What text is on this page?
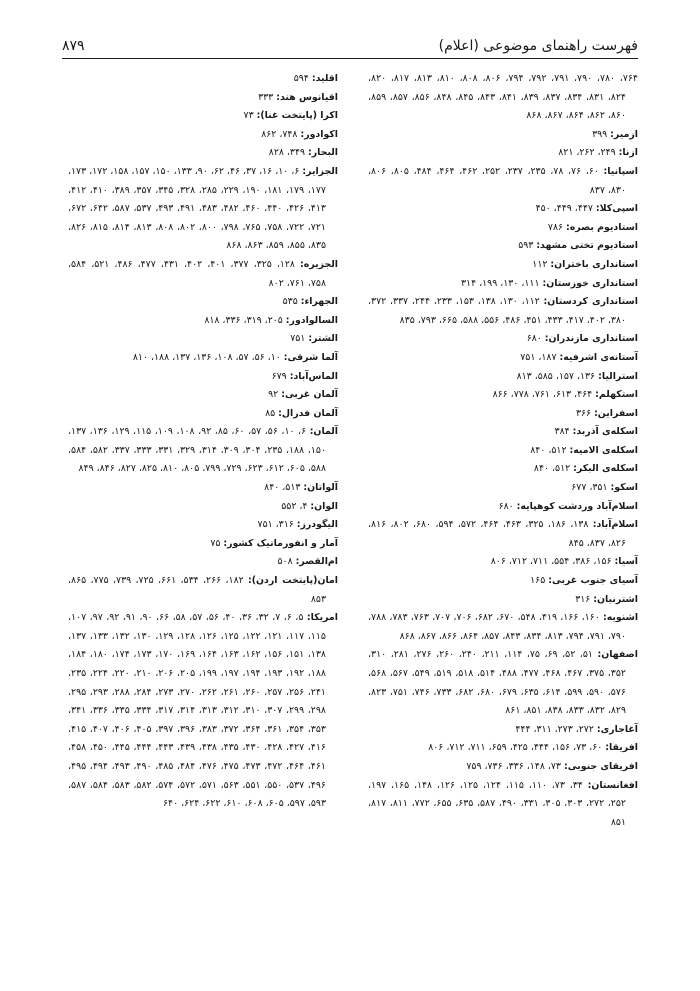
فهرست راهنمای موضوعی (اعلام)
۸۷۹
۷۶۴، ۷۸۰، ۷۹۰، ۷۹۱، ۷۹۲، ۷۹۴، ۸۰۶، ۸۰۸، ۸۱۰، ۸۱۳، ۸۱۷، ۸۲۰، ۸۲۴، ۸۳۱، ۸۳۴، ۸۳۷، ۸۳۹، ۸۴۱، ۸۴۳، ۸۴۵، ۸۴۸، ۸۵۶، ۸۵۷، ۸۵۹، ۸۶۰، ۸۶۲، ۸۶۴، ۸۶۷، ۸۶۸
ازمیر: ۳۹۹
ازنا: ۲۴۹، ۲۶۲، ۸۲۱
اسپانیا: ۶۰، ۷۶، ۷۸، ۲۳۵، ۲۳۷، ۲۵۲، ۴۶۲، ۴۶۴، ۴۸۴، ۸۰۵، ۸۰۶، ۸۳۰، ۸۳۷
اسپی‌کلا: ۴۴۷، ۴۴۹، ۴۵۰
استادیوم بصره: ۷۸۶
استادیوم تختی مشهد: ۵۹۳
استانداری باختران: ۱۱۲
استانداری خوزستان: ۱۱۱، ۱۳۰، ۱۹۹، ۳۱۴
استانداری کردستان: ۱۱۲، ۱۳۰، ۱۳۸، ۱۵۳، ۲۳۳، ۲۴۴، ۳۳۷، ۳۷۲، ۳۸۰، ۴۰۲، ۴۱۷، ۴۳۳، ۴۵۱، ۴۸۶، ۵۵۶، ۵۸۸، ۶۶۵، ۷۹۳، ۸۳۵
استانداری مازندران: ۶۸۰
آستانه‌ی اشرفیه: ۱۸۷، ۷۵۱
استرالیا: ۱۳۶، ۱۵۷، ۵۸۵، ۸۱۳
استکهلم: ۴۶۴، ۶۱۳، ۷۶۱، ۷۷۸، ۸۶۶
اسفراین: ۳۶۶
اسکله‌ی آذربد: ۳۸۴
اسکله‌ی الامیه: ۵۱۲، ۸۴۰
اسکله‌ی البکر: ۵۱۲، ۸۴۰
اسکو: ۳۵۱، ۶۷۷
اسلام‌آباد وردشت کوهپایه: ۶۸۰
اسلام‌آباد: ۱۳۸، ۱۸۶، ۳۲۵، ۴۶۳، ۴۶۴، ۵۷۲، ۵۹۴، ۶۸۰، ۸۰۲، ۸۱۶، ۸۲۶، ۸۳۷، ۸۴۵
آسیا: ۱۵۶، ۳۸۶، ۵۵۴، ۷۱۱، ۷۱۲، ۸۰۶
آسیای جنوب غربی: ۱۶۵
اشترنیان: ۳۱۶
اشنویه: ۱۶۰، ۱۶۶، ۴۱۹، ۵۴۸، ۶۷۰، ۶۸۲، ۷۰۶، ۷۰۷، ۷۶۳، ۷۸۳، ۷۸۸، ۷۹۰، ۷۹۱، ۷۹۴، ۸۱۳، ۸۳۴، ۸۴۳، ۸۵۷، ۸۶۴، ۸۶۶، ۸۶۷، ۸۶۸
اصفهان: ۵۱، ۵۲، ۶۹، ۷۵، ۱۱۴، ۲۱۱، ۲۴۰، ۲۶۰، ۲۷۶، ۲۸۱، ۳۱۰، ۳۵۲، ۳۷۵، ۴۶۷، ۴۶۸، ۴۷۷، ۴۸۸، ۵۱۴، ۵۱۸، ۵۱۹، ۵۴۹، ۵۶۷، ۵۶۸، ۵۷۶، ۵۹۰، ۵۹۹، ۶۱۴، ۶۳۵، ۶۷۹، ۶۸۰، ۶۸۲، ۷۳۳، ۷۴۶، ۷۵۱، ۸۲۳، ۸۲۹، ۸۳۲، ۸۳۳، ۸۳۸، ۸۵۱، ۸۶۱
آغاجاری: ۲۷۲، ۲۷۳، ۳۱۱، ۴۴۴
افریقا: ۶۰، ۷۳، ۱۵۶، ۴۴۴، ۴۲۵، ۶۵۹، ۷۱۱، ۷۱۲، ۸۰۶
افریقای جنوبی: ۷۳، ۱۴۸، ۳۳۶، ۷۳۶، ۷۵۹
افغانستان: ۳۴، ۷۳، ۱۱۰، ۱۱۵، ۱۲۴، ۱۲۵، ۱۲۶، ۱۴۸، ۱۶۵، ۱۹۷، ۲۵۲، ۲۷۲، ۳۰۳، ۳۰۵، ۳۳۱، ۴۹۰، ۵۸۷، ۶۳۵، ۶۵۵، ۷۷۲، ۸۱۱، ۸۱۷، ۸۵۱
اقلید: ۵۹۴
اقیانوس هند: ۳۳۳
اکرا (پایتخت غنا): ۷۳
اکوادور: ۷۴۸، ۸۶۲
البحار: ۳۴۹، ۸۲۸
الجزایر: ۶، ۱۰، ۱۶، ۳۷، ۴۶، ۶۲، ۹۰، ۱۳۳، ۱۵۰، ۱۵۷، ۱۵۸، ۱۷۲، ۱۷۳، ۱۷۷، ۱۷۹، ۱۸۱، ۱۹۰، ۲۲۹، ۲۸۵، ۳۲۸، ۳۴۵، ۳۵۷، ۳۸۹، ۴۱۰، ۴۱۲، ۴۱۳، ۴۲۶، ۴۴۰، ۴۶۰، ۴۸۲، ۴۸۳، ۴۹۱، ۴۹۳، ۵۳۷، ۵۸۷، ۶۴۲، ۶۷۲، ۷۲۱، ۷۲۲، ۷۵۸، ۷۶۵، ۷۹۸، ۸۰۰، ۸۰۲، ۸۰۸، ۸۱۳، ۸۱۴، ۸۱۵، ۸۲۶، ۸۳۵، ۸۵۵، ۸۵۹، ۸۶۳، ۸۶۸
الجزیره: ۱۲۸، ۳۲۵، ۳۷۷، ۴۰۱، ۴۰۲، ۴۳۱، ۴۷۷، ۴۸۶، ۵۲۱، ۵۸۴، ۷۵۸، ۷۶۱، ۸۰۲
الجهراء: ۵۳۵
السالوادور: ۲۰۵، ۳۱۹، ۳۳۶، ۸۱۸
الشتر: ۷۵۱
آلما شرقی: ۱۰، ۵۶، ۵۷، ۱۰۸، ۱۳۶، ۱۳۷، ۱۸۸، ۸۱۰
الماس‌آباد: ۶۷۹
آلمان غربی: ۹۲
آلمان فدرال: ۸۵
آلمان: ۶، ۱۰، ۵۶، ۵۷، ۶۰، ۸۵، ۹۲، ۱۰۸، ۱۰۹، ۱۱۵، ۱۲۹، ۱۳۶، ۱۳۷، ۱۵۰، ۱۸۸، ۲۳۵، ۳۰۴، ۳۰۹، ۳۱۴، ۳۲۹، ۳۳۱، ۳۳۳، ۳۳۷، ۵۸۲، ۵۸۴، ۵۸۸، ۶۰۵، ۶۱۲، ۶۲۳، ۷۲۹، ۷۹۹، ۸۰۵، ۸۱۰، ۸۲۵، ۸۲۷، ۸۴۶، ۸۴۹
آلواتان: ۵۱۳، ۸۴۰
الوان: ۴، ۵۵۲
الیگودرز: ۳۱۶، ۷۵۱
آمار و انفورماتیک کشور: ۷۵
ام‌القصر: ۵۰۸
امان(پایتخت اردن): ۱۸۲، ۲۶۶، ۵۳۴، ۶۶۱، ۷۲۵، ۷۳۹، ۷۷۵، ۸۶۵، ۸۵۳
امریکا: ۵، ۶، ۷، ۳۲، ۳۶، ۴۰، ۵۶، ۵۷، ۵۸، ۶۶، ۹۰، ۹۱، ۹۲، ۹۷، ۱۰۷، ۱۱۵، ۱۱۷، ۱۲۱، ۱۲۲، ۱۲۵، ۱۲۶، ۱۲۸، ۱۲۹، ۱۳۰، ۱۳۲، ۱۳۳، ۱۳۷، ۱۳۸، ۱۵۱، ۱۵۶، ۱۶۲، ۱۶۳، ۱۶۴، ۱۶۹، ۱۷۰، ۱۷۳، ۱۷۴، ۱۸۰، ۱۸۴، ۱۸۸، ۱۹۲، ۱۹۳، ۱۹۴، ۱۹۷، ۱۹۹، ۲۰۵، ۲۰۶، ۲۱۰، ۲۲۰، ۲۲۴، ۲۳۵، ۲۴۱، ۲۵۶، ۲۵۷، ۲۶۰، ۲۶۱، ۲۶۲، ۲۷۰، ۲۷۳، ۲۸۴، ۲۸۸، ۲۹۳، ۲۹۵، ۲۹۸، ۲۹۹، ۳۰۷، ۳۱۰، ۳۱۲، ۳۱۳، ۳۱۴، ۳۱۷، ۳۳۴، ۳۳۵، ۳۳۶، ۳۴۱، ۳۵۳، ۳۵۴، ۳۶۱، ۳۶۴، ۳۷۲، ۳۸۳، ۳۹۶، ۳۹۷، ۴۰۵، ۴۰۶، ۴۰۷، ۴۱۵، ۴۱۶، ۴۲۷، ۴۲۸، ۴۳۰، ۴۳۵، ۴۳۸، ۴۳۹، ۴۴۳، ۴۴۴، ۴۴۵، ۴۵۰، ۴۵۸، ۴۶۱، ۴۶۴، ۴۷۲، ۴۷۳، ۴۷۵، ۴۷۶، ۴۸۴، ۴۸۵، ۴۹۰، ۴۹۳، ۴۹۴، ۴۹۵، ۴۹۶، ۵۳۷، ۵۵۰، ۵۵۱، ۵۶۳، ۵۷۱، ۵۷۲، ۵۷۴، ۵۸۲، ۵۸۳، ۵۸۴، ۵۸۷، ۵۹۳، ۵۹۷، ۶۰۵، ۶۰۸، ۶۱۰، ۶۲۲، ۶۲۴، ۶۴۰
